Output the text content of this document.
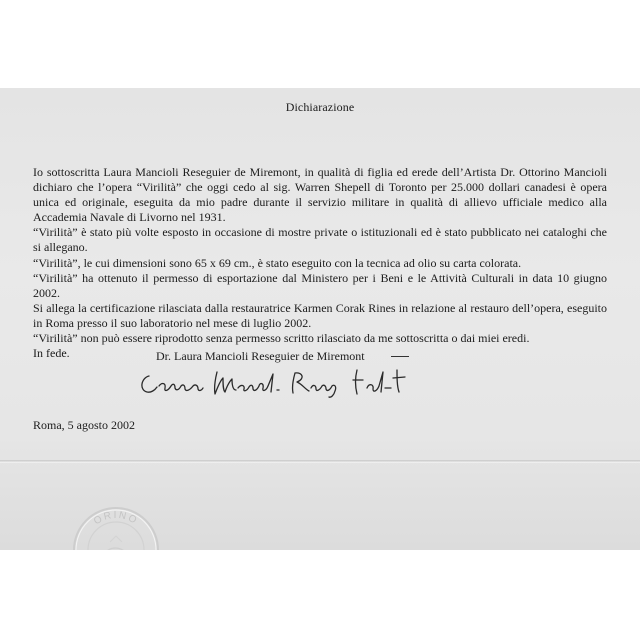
Dichiarazione

Io sottoscritta Laura Mancioli Reseguier de Miremont, in qualità di figlia ed erede dell’Artista Dr. Ottorino Mancioli dichiaro che l’opera “Virilità” che oggi cedo al sig. Warren Shepell di Toronto per 25.000 dollari canadesi è opera unica ed originale, eseguita da mio padre durante il servizio militare in qualità di allievo ufficiale medico alla Accademia Navale di Livorno nel 1931.

“Virilità” è stato più volte esposto in occasione di mostre private o istituzionali ed è stato pubblicato nei cataloghi che si allegano.

“Virilità”, le cui dimensioni sono 65 x 69 cm., è stato eseguito con la tecnica ad olio su carta colorata.

“Virilità” ha ottenuto il permesso di esportazione dal Ministero per i Beni e le Attività Culturali in data 10 giugno 2002.

Si allega la certificazione rilasciata dalla restauratrice Karmen Corak Rines in relazione al restauro dell’opera, eseguito in Roma presso il suo laboratorio nel mese di luglio 2002.

“Virilità” non può essere riprodotto senza permesso scritto rilasciato da me sottoscritta o dai miei eredi.

In fede.	Dr. Laura Mancioli Reseguier de Miremont
Roma, 5 agosto 2002
ORINO
